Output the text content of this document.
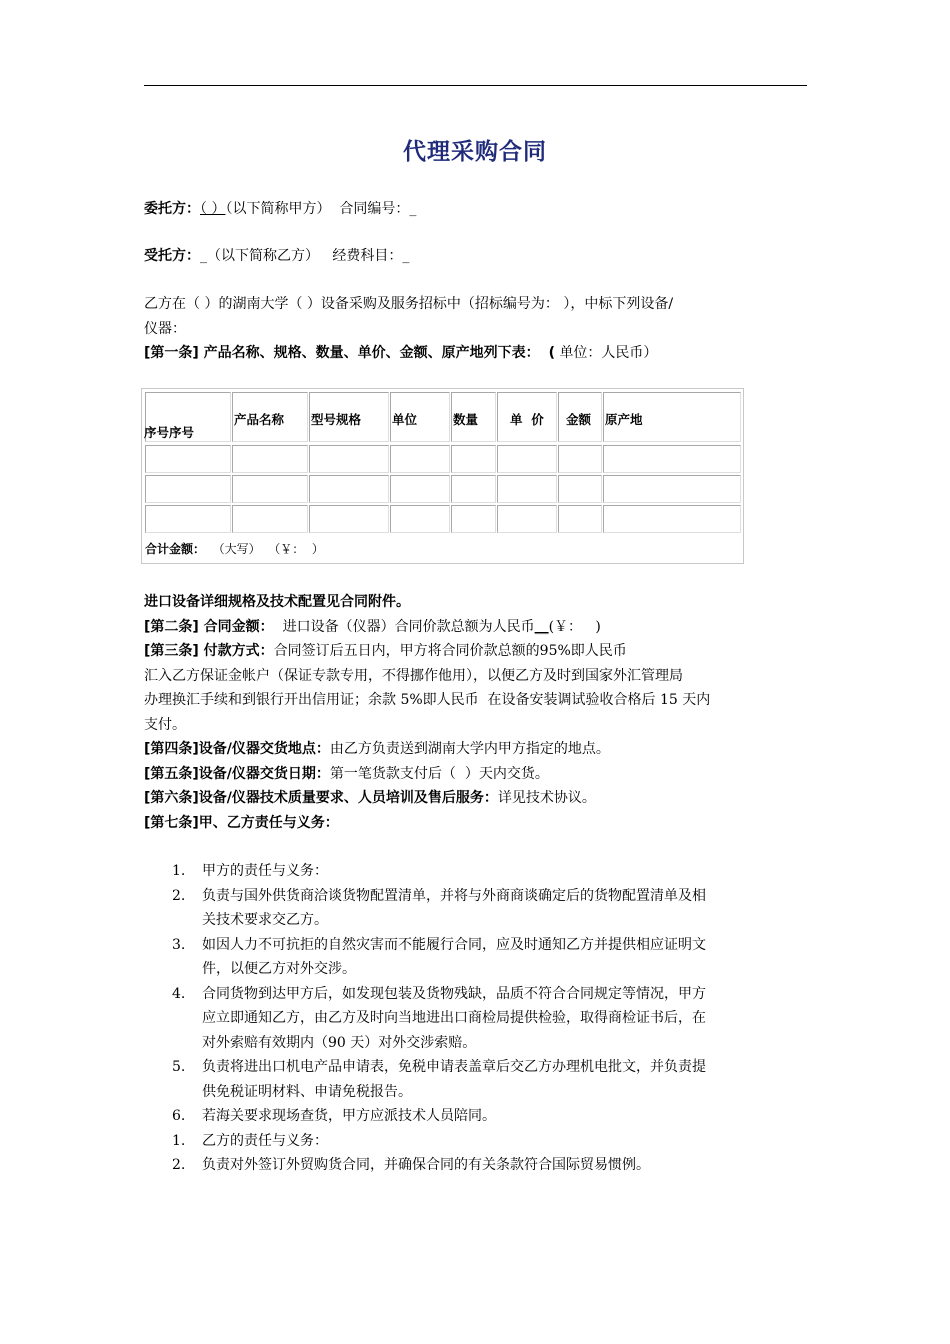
代理采购合同
委托方：（ ）（以下简称甲方） 合同编号：_
受托方：_（以下简称乙方） 经费科目：_
乙方在（ ）的湖南大学（ ）设备采购及服务招标中（招标编号为： ），中标下列设备/
仪器：
[第一条] 产品名称、规格、数量、单价、金额、原产地列下表： ( 单位：人民币）
序号序号
产品名称 型号规格 单位	数量	单  价 金额 原产地
合计金额： （大写）  （￥：  ）
进口设备详细规格及技术配置见合同附件。
[第二条] 合同金额：  进口设备（仪器）合同价款总额为人民币__(￥：   )
[第三条] 付款方式：合同签订后五日内，甲方将合同价款总额的95%即人民币
汇入乙方保证金帐户（保证专款专用，不得挪作他用），以便乙方及时到国家外汇管理局
办理换汇手续和到银行开出信用证；余款 5%即人民币  在设备安装调试验收合格后 15 天内
支付。
[第四条]设备/仪器交货地点：由乙方负责送到湖南大学内甲方指定的地点。
[第五条]设备/仪器交货日期：第一笔货款支付后（  ）天内交货。
[第六条]设备/仪器技术质量要求、人员培训及售后服务：详见技术协议。
[第七条]甲、乙方责任与义务：
1. 甲方的责任与义务：
2. 负责与国外供货商洽谈货物配置清单，并将与外商商谈确定后的货物配置清单及相
关技术要求交乙方。
3. 如因人力不可抗拒的自然灾害而不能履行合同，应及时通知乙方并提供相应证明文
件，以便乙方对外交涉。
4. 合同货物到达甲方后，如发现包装及货物残缺，品质不符合合同规定等情况，甲方
应立即通知乙方，由乙方及时向当地进出口商检局提供检验，取得商检证书后，在
对外索赔有效期内（90 天）对外交涉索赔。
5. 负责将进出口机电产品申请表，免税申请表盖章后交乙方办理机电批文，并负责提
供免税证明材料、申请免税报告。
6. 若海关要求现场查货，甲方应派技术人员陪同。
1. 乙方的责任与义务：
2. 负责对外签订外贸购货合同，并确保合同的有关条款符合国际贸易惯例。
